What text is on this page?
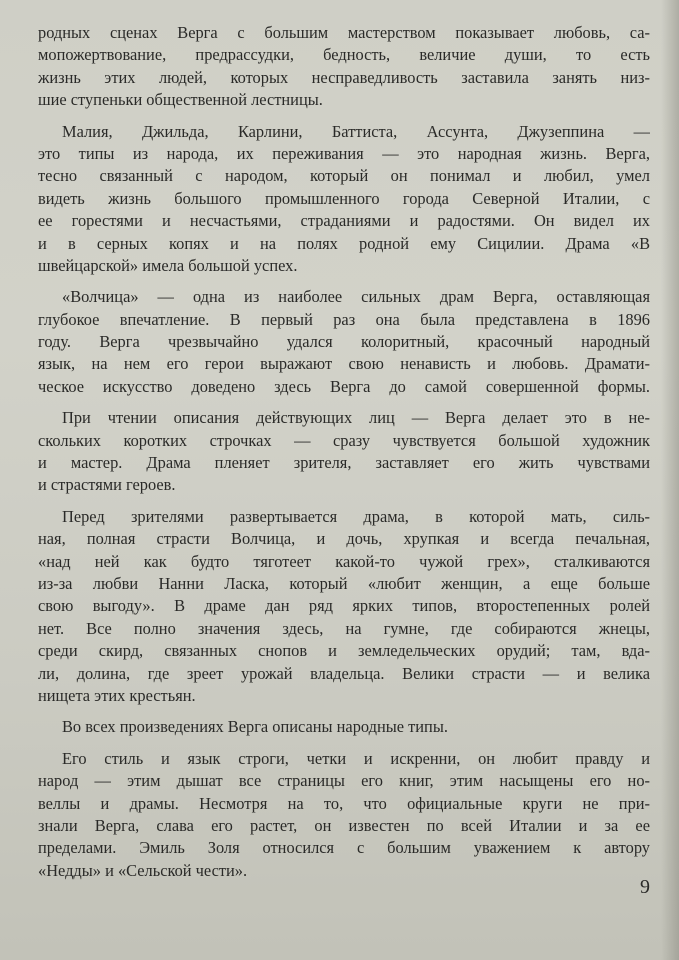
родных сценах Верга с большим мастерством показывает любовь, са-
мопожертвование, предрассудки, бедность, величие души, то есть
жизнь этих людей, которых несправедливость заставила занять низ-
шие ступеньки общественной лестницы.

Малия, Джильда, Карлини, Баттиста, Ассунта, Джузеппина —
это типы из народа, их переживания — это народная жизнь. Верга,
тесно связанный с народом, который он понимал и любил, умел
видеть жизнь большого промышленного города Северной Италии, с
ее горестями и несчастьями, страданиями и радостями. Он видел их
и в серных копях и на полях родной ему Сицилии. Драма «В
швейцарской» имела большой успех.

«Волчица» — одна из наиболее сильных драм Верга, оставляющая
глубокое впечатление. В первый раз она была представлена в 1896
году. Верга чрезвычайно удался колоритный, красочный народный
язык, на нем его герои выражают свою ненависть и любовь. Драмати-
ческое искусство доведено здесь Верга до самой совершенной формы.

При чтении описания действующих лиц — Верга делает это в не-
скольких коротких строчках — сразу чувствуется большой художник
и мастер. Драма пленяет зрителя, заставляет его жить чувствами
и страстями героев.

Перед зрителями развертывается драма, в которой мать, силь-
ная, полная страсти Волчица, и дочь, хрупкая и всегда печальная,
«над ней как будто тяготеет какой-то чужой грех», сталкиваются
из-за любви Нанни Ласка, который «любит женщин, а еще больше
свою выгоду». В драме дан ряд ярких типов, второстепенных ролей
нет. Все полно значения здесь, на гумне, где собираются жнецы,
среди скирд, связанных снопов и земледельческих орудий; там, вда-
ли, долина, где зреет урожай владельца. Велики страсти — и велика
нищета этих крестьян.

Во всех произведениях Верга описаны народные типы.

Его стиль и язык строги, четки и искренни, он любит правду и
народ — этим дышат все страницы его книг, этим насыщены его но-
веллы и драмы. Несмотря на то, что официальные круги не при-
знали Верга, слава его растет, он известен по всей Италии и за ее
пределами. Эмиль Золя относился с большим уважением к автору
«Недды» и «Сельской чести».

9
